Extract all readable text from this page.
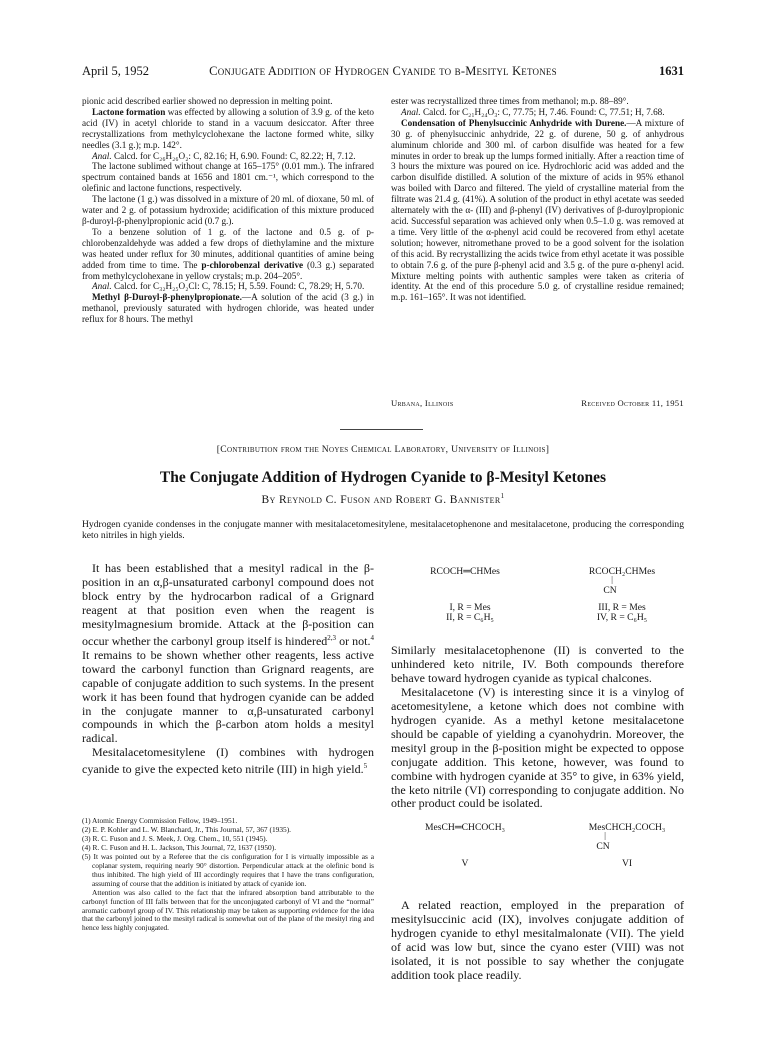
April 5, 1952	Conjugate Addition of Hydrogen Cyanide to β-Mesityl Ketones	1631

pionic acid described earlier showed no depression in melting point.

Lactone formation was effected by allowing a solution of 3.9 g. of the keto acid (IV) in acetyl chloride to stand in a vacuum desiccator. After three recrystallizations from methylcyclohexane the lactone formed white, silky needles (3.1 g.); m.p. 142°.

Anal. Calcd. for C₂₆H₂₆O₂: C, 82.16; H, 6.90. Found: C, 82.22; H, 7.12.

The lactone sublimed without change at 165–175° (0.01 mm.). The infrared spectrum contained bands at 1656 and 1801 cm.⁻¹, which correspond to the olefinic and lactone functions, respectively.

The lactone (1 g.) was dissolved in a mixture of 20 ml. of dioxane, 50 ml. of water and 2 g. of potassium hydroxide; acidification of this mixture produced β-duroyl-β-phenylpropionic acid (0.7 g.).

To a benzene solution of 1 g. of the lactone and 0.5 g. of p-chlorobenzaldehyde was added a few drops of diethylamine and the mixture was heated under reflux for 30 minutes, additional quantities of amine being added from time to time. The p-chlorobenzal derivative (0.3 g.) separated from methylcyclohexane in yellow crystals; m.p. 204–205°.

Anal. Calcd. for C₃₂H₂₅O₂Cl: C, 78.15; H, 5.59. Found: C, 78.29; H, 5.70.

Methyl β-Duroyl-β-phenylpropionate.—A solution of the acid (3 g.) in methanol, previously saturated with hydrogen chloride, was heated under reflux for 8 hours. The methyl

ester was recrystallized three times from methanol; m.p. 88–89°.

Anal. Calcd. for C₂₁H₂₄O₃: C, 77.75; H, 7.46. Found: C, 77.51; H, 7.68.

Condensation of Phenylsuccinic Anhydride with Durene.—A mixture of 30 g. of phenylsuccinic anhydride, 22 g. of durene, 50 g. of anhydrous aluminum chloride and 300 ml. of carbon disulfide was heated for a few minutes in order to break up the lumps formed initially. After a reaction time of 3 hours the mixture was poured on ice. Hydrochloric acid was added and the carbon disulfide distilled. A solution of the mixture of acids in 95% ethanol was boiled with Darco and filtered. The yield of crystalline material from the filtrate was 21.4 g. (41%). A solution of the product in ethyl acetate was seeded alternately with the α- (III) and β-phenyl (IV) derivatives of β-duroylpropionic acid. Successful separation was achieved only when 0.5–1.0 g. was removed at a time. Very little of the α-phenyl acid could be recovered from ethyl acetate solution; however, nitromethane proved to be a good solvent for the isolation of this acid. By recrystallizing the acids twice from ethyl acetate it was possible to obtain 7.6 g. of the pure β-phenyl acid and 3.5 g. of the pure α-phenyl acid. Mixture melting points with authentic samples were taken as criteria of identity. At the end of this procedure 5.0 g. of crystalline residue remained; m.p. 161–165°. It was not identified.

Urbana, Illinois	Received October 11, 1951
[Contribution from the Noyes Chemical Laboratory, University of Illinois]
The Conjugate Addition of Hydrogen Cyanide to β-Mesityl Ketones
By Reynold C. Fuson and Robert G. Bannister$^1$
Hydrogen cyanide condenses in the conjugate manner with mesitalacetomesitylene, mesitalacetophenone and mesitalacetone, producing the corresponding keto nitriles in high yields.

It has been established that a mesityl radical in the β-position in an α,β-unsaturated carbonyl compound does not block entry by the hydrocarbon radical of a Grignard reagent at that position even when the reagent is mesitylmagnesium bromide. Attack at the β-position can occur whether the carbonyl group itself is hindered$^{2,3}$ or not.$^4$ It remains to be shown whether other reagents, less active toward the carbonyl function than Grignard reagents, are capable of conjugate addition to such systems. In the present work it has been found that hydrogen cyanide can be added in the conjugate manner to α,β-unsaturated carbonyl compounds in which the β-carbon atom holds a mesityl radical.

Mesitalacetomesitylene (I) combines with hydrogen cyanide to give the expected keto nitrile (III) in high yield.$^5$

(1) Atomic Energy Commission Fellow, 1949–1951.

(2) E. P. Kohler and L. W. Blanchard, Jr., This Journal, 57, 367 (1935).

(3) R. C. Fuson and J. S. Meek, J. Org. Chem., 10, 551 (1945).

(4) R. C. Fuson and H. L. Jackson, This Journal, 72, 1637 (1950).

(5) It was pointed out by a Referee that the cis configuration for I is virtually impossible as a coplanar system, requiring nearly 90° distortion. Perpendicular attack at the olefinic bond is thus inhibited. The high yield of III accordingly requires that I have the trans configuration, assuming of course that the addition is initiated by attack of cyanide ion.

Attention was also called to the fact that the infrared absorption band attributable to the carbonyl function of III falls between that for the unconjugated carbonyl of VI and the “normal” aromatic carbonyl group of IV. This relationship may be taken as supporting evidence for the idea that the carbonyl joined to the mesityl radical is somewhat out of the plane of the mesityl ring and hence less highly conjugated.

RCOCH═CHMes	RCOCH₂CHMes
|
CN
I, R = Mes
II, R = C₆H₅
III, R = Mes
IV, R = C₆H₅

Similarly mesitalacetophenone (II) is converted to the unhindered keto nitrile, IV. Both compounds therefore behave toward hydrogen cyanide as typical chalcones.

Mesitalacetone (V) is interesting since it is a vinylog of acetomesitylene, a ketone which does not combine with hydrogen cyanide. As a methyl ketone mesitalacetone should be capable of yielding a cyanohydrin. Moreover, the mesityl group in the β-position might be expected to oppose conjugate addition. This ketone, however, was found to combine with hydrogen cyanide at 35° to give, in 63% yield, the keto nitrile (VI) corresponding to conjugate addition. No other product could be isolated.

MesCH═CHCOCH₃	MesCHCH₂COCH₃
|
CN
V	VI

A related reaction, employed in the preparation of mesitylsuccinic acid (IX), involves conjugate addition of hydrogen cyanide to ethyl mesitalmalonate (VII). The yield of acid was low but, since the cyano ester (VIII) was not isolated, it is not possible to say whether the conjugate addition took place readily.
